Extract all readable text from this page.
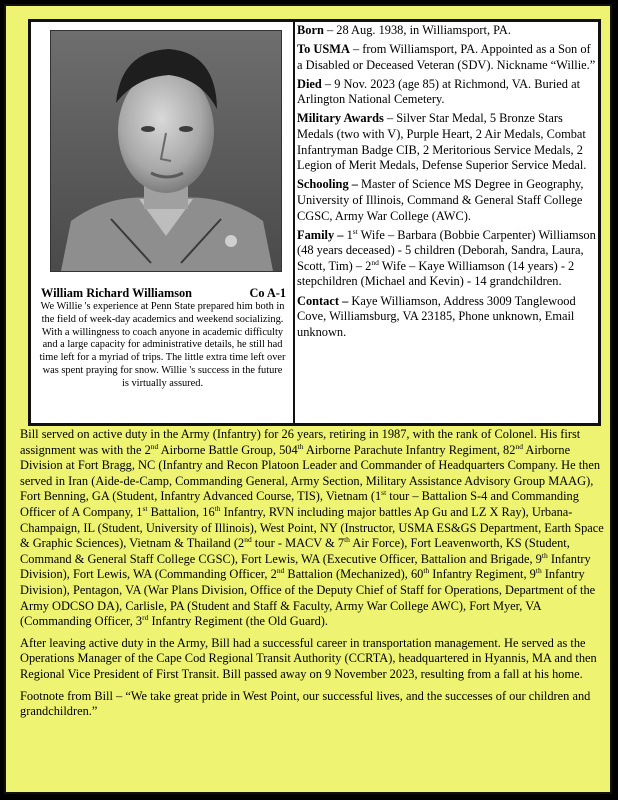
William Richard Williamson	Co A-1
We Willie 's experience at Penn State prepared him both in the field of week-day academics and weekend socializing. With a willingness to coach anyone in academic difficulty and a large capacity for administrative details, he still had time left for a myriad of trips. The little extra time left over was spent praying for snow. Willie 's success in the future is virtually assured.

Born – 28 Aug. 1938, in Williamsport, PA.

To USMA – from Williamsport, PA. Appointed as a Son of a Disabled or Deceased Veteran (SDV). Nickname “Willie.”

Died – 9 Nov. 2023 (age 85) at Richmond, VA. Buried at Arlington National Cemetery.

Military Awards – Silver Star Medal, 5 Bronze Stars Medals (two with V), Purple Heart, 2 Air Medals, Combat Infantryman Badge CIB, 2 Meritorious Service Medals, 2 Legion of Merit Medals, Defense Superior Service Medal.

Schooling – Master of Science MS Degree in Geography, University of Illinois, Command & General Staff College CGSC, Army War College (AWC).

Family – 1st Wife – Barbara (Bobbie Carpenter) Williamson (48 years deceased) - 5 children (Deborah, Sandra, Laura, Scott, Tim) – 2nd Wife – Kaye Williamson (14 years) - 2 stepchildren (Michael and Kevin) - 14 grandchildren.

Contact – Kaye Williamson, Address 3009 Tanglewood Cove, Williamsburg, VA 23185, Phone unknown, Email unknown.

Bill served on active duty in the Army (Infantry) for 26 years, retiring in 1987, with the rank of Colonel. His first assignment was with the 2nd Airborne Battle Group, 504th Airborne Parachute Infantry Regiment, 82nd Airborne Division at Fort Bragg, NC (Infantry and Recon Platoon Leader and Commander of Headquarters Company. He then served in Iran (Aide-de-Camp, Commanding General, Army Section, Military Assistance Advisory Group MAAG), Fort Benning, GA (Student, Infantry Advanced Course, TIS), Vietnam (1st tour – Battalion S-4 and Commanding Officer of A Company, 1st Battalion, 16th Infantry, RVN including major battles Ap Gu and LZ X Ray), Urbana-Champaign, IL (Student, University of Illinois), West Point, NY (Instructor, USMA ES&GS Department, Earth Space & Graphic Sciences), Vietnam & Thailand (2nd tour - MACV & 7th Air Force), Fort Leavenworth, KS (Student, Command & General Staff College CGSC), Fort Lewis, WA (Executive Officer, Battalion and Brigade, 9th Infantry Division), Fort Lewis, WA (Commanding Officer, 2nd Battalion (Mechanized), 60th Infantry Regiment, 9th Infantry Division), Pentagon, VA (War Plans Division, Office of the Deputy Chief of Staff for Operations, Department of the Army ODCSO DA), Carlisle, PA (Student and Staff & Faculty, Army War College AWC), Fort Myer, VA (Commanding Officer, 3rd Infantry Regiment (the Old Guard).

After leaving active duty in the Army, Bill had a successful career in transportation management. He served as the Operations Manager of the Cape Cod Regional Transit Authority (CCRTA), headquartered in Hyannis, MA and then Regional Vice President of First Transit. Bill passed away on 9 November 2023, resulting from a fall at his home.

Footnote from Bill – “We take great pride in West Point, our successful lives, and the successes of our children and grandchildren.”
